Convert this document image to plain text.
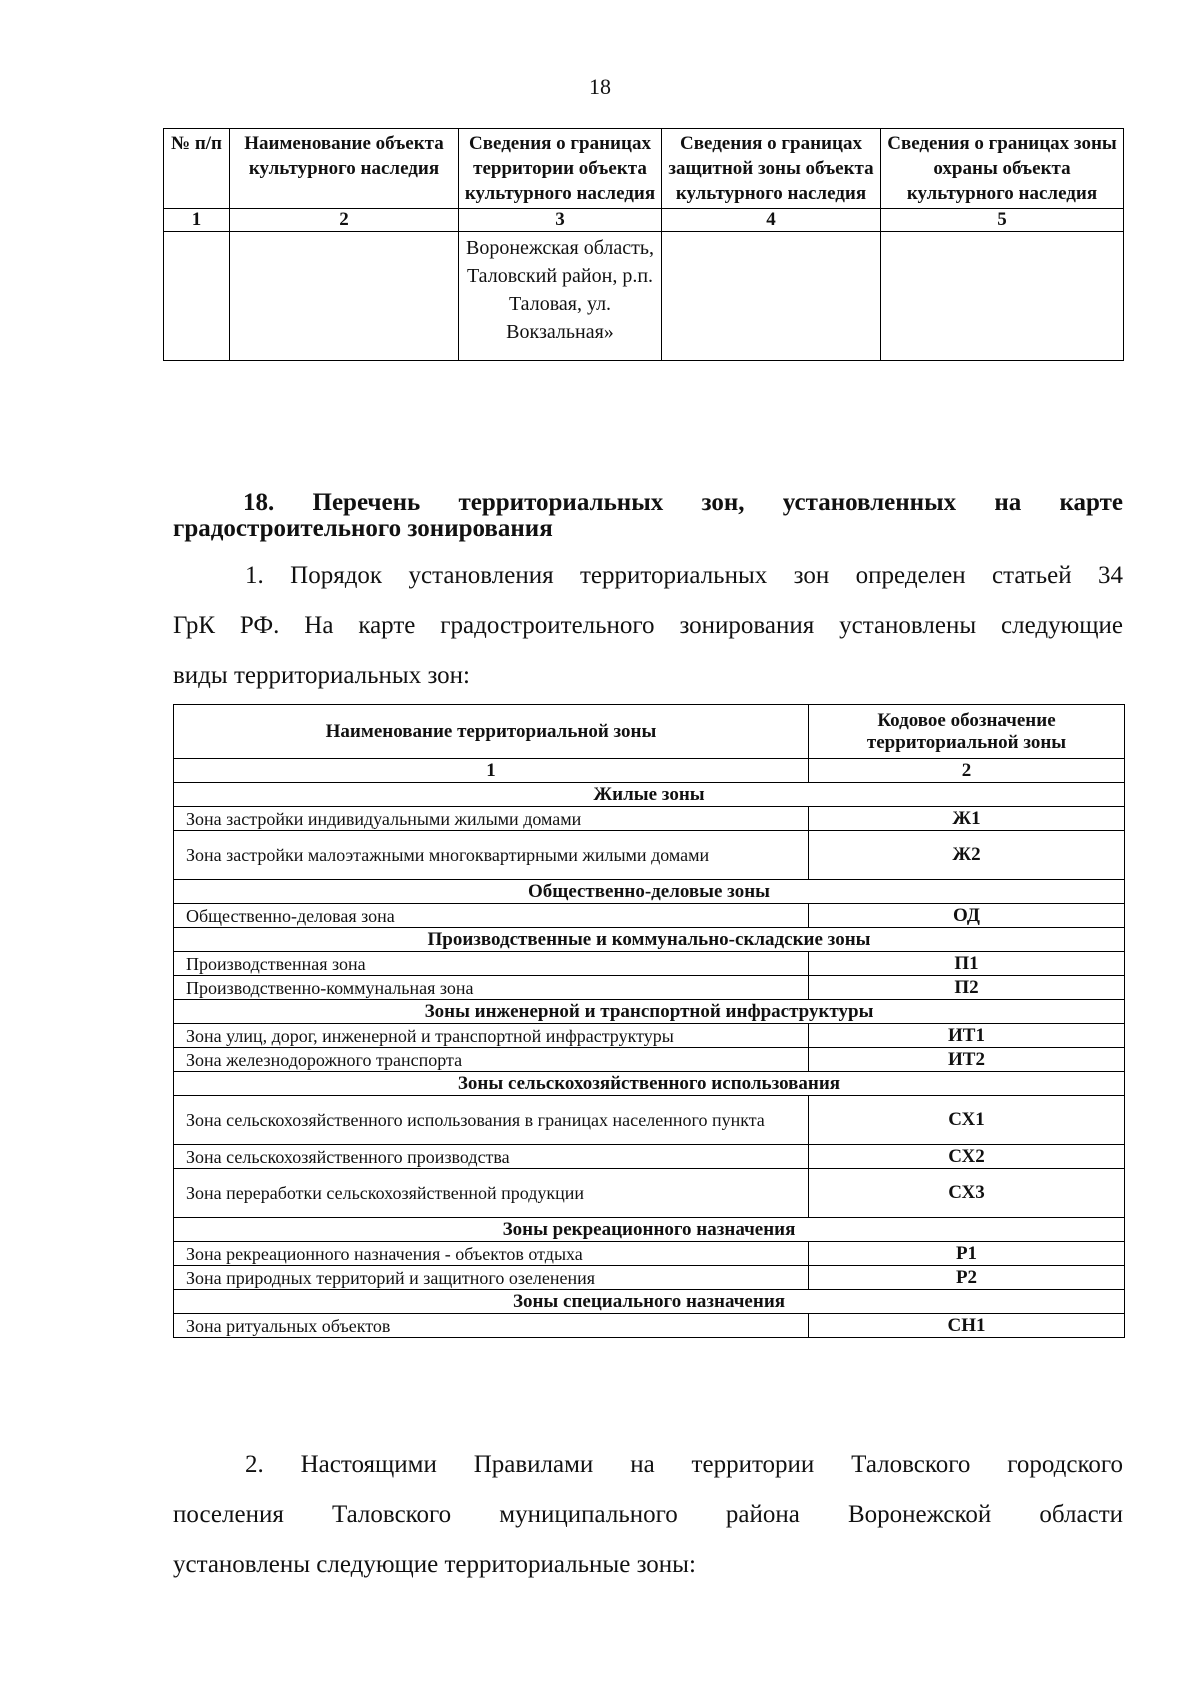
18
№ п/п	Наименование объекта культурного наследия	Сведения о границах территории объекта культурного наследия	Сведения о границах защитной зоны объекта культурного наследия	Сведения о границах зоны охраны объекта культурного наследия
1	2	3	4	5
		Воронежская область, Таловский район, р.п. Таловая, ул. Вокзальная»		
18. Перечень территориальных зон, установленных на карте
градостроительного зонирования
1. Порядок установления территориальных зон определен статьей 34
ГрК РФ. На карте градостроительного зонирования установлены следующие
виды территориальных зон:
Наименование территориальной зоны	Кодовое обозначение территориальной зоны
1	2
Жилые зоны	
Зона застройки индивидуальными жилыми домами	Ж1
Зона застройки малоэтажными многоквартирными жилыми домами	Ж2
Общественно-деловые зоны	
Общественно-деловая зона	ОД
Производственные и коммунально-складские зоны	
Производственная зона	П1
Производственно-коммунальная зона	П2
Зоны инженерной и транспортной инфраструктуры	
Зона улиц, дорог, инженерной и транспортной инфраструктуры	ИТ1
Зона железнодорожного транспорта	ИТ2
Зоны сельскохозяйственного использования	
Зона сельскохозяйственного использования в границах населенного пункта	СХ1
Зона сельскохозяйственного производства	СХ2
Зона переработки сельскохозяйственной продукции	СХ3
Зоны рекреационного назначения	
Зона рекреационного назначения - объектов отдыха	Р1
Зона природных территорий и защитного озеленения	Р2
Зоны специального назначения	
Зона ритуальных объектов	СН1
2. Настоящими Правилами на территории Таловского городского
поселения Таловского муниципального района Воронежской области
установлены следующие территориальные зоны:
